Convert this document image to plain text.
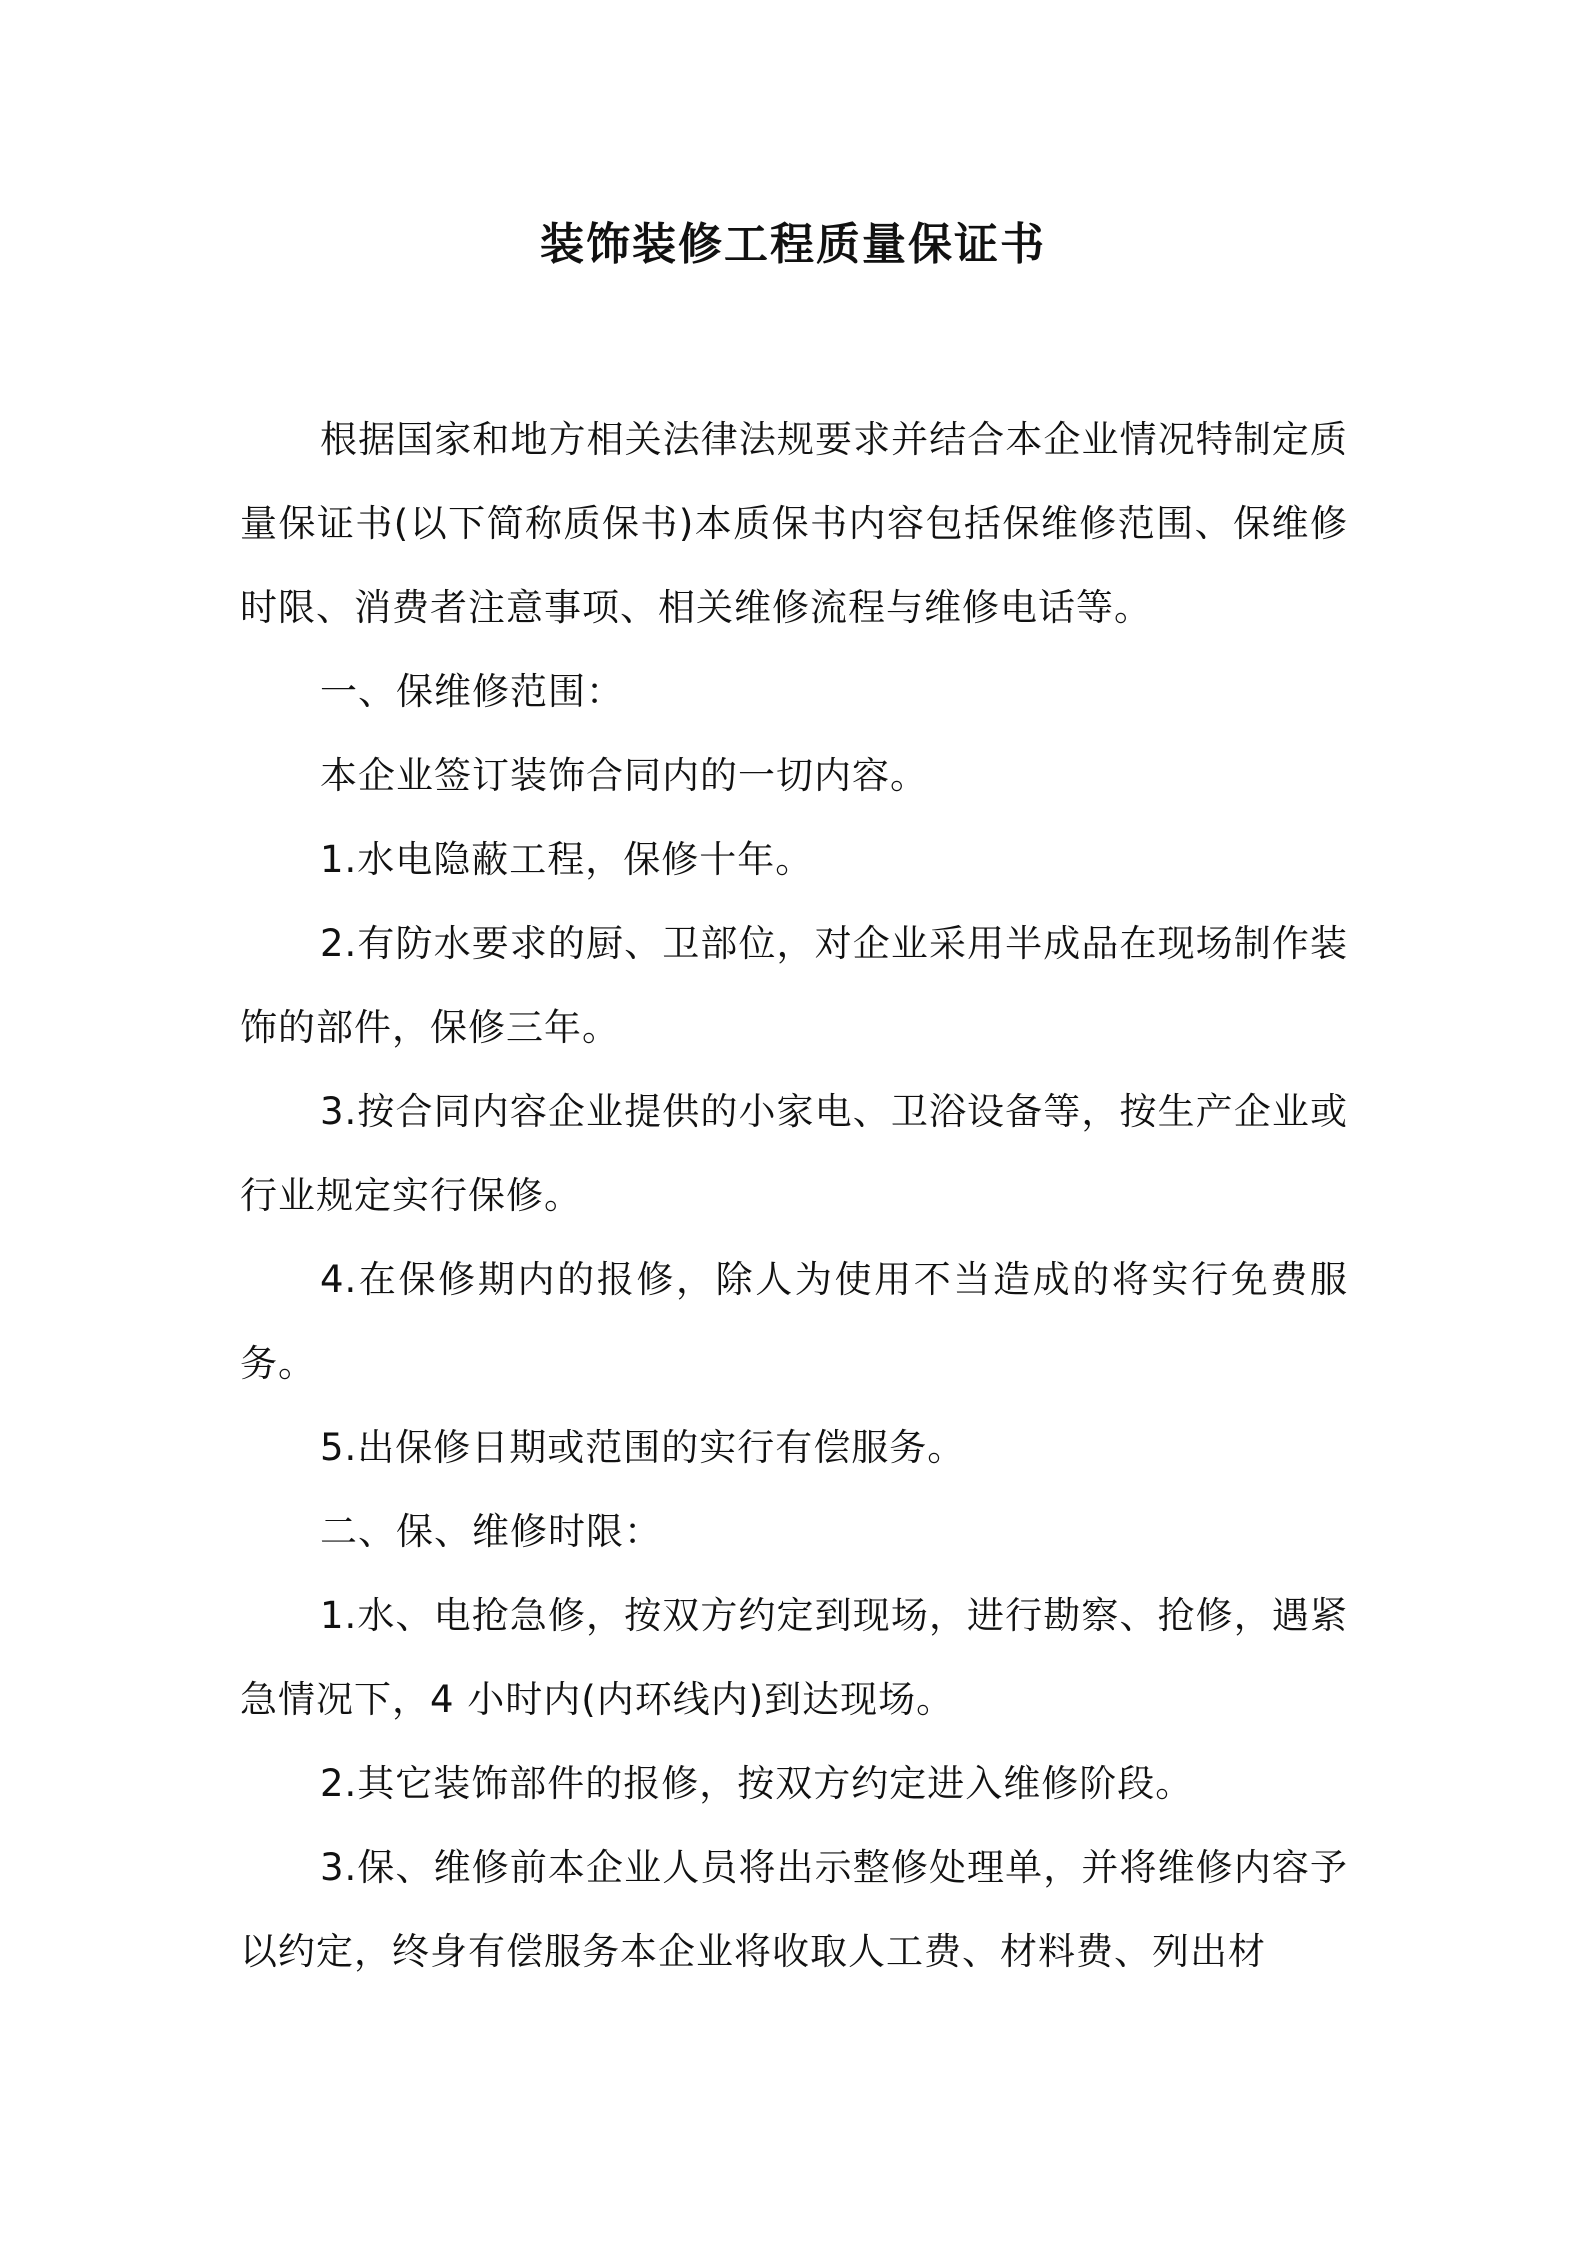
装饰装修工程质量保证书

根据国家和地方相关法律法规要求并结合本企业情况特制定质量保证书(以下简称质保书)本质保书内容包括保维修范围、保维修时限、消费者注意事项、相关维修流程与维修电话等。

一、保维修范围：

本企业签订装饰合同内的一切内容。

1.水电隐蔽工程，保修十年。

2.有防水要求的厨、卫部位，对企业采用半成品在现场制作装饰的部件，保修三年。

3.按合同内容企业提供的小家电、卫浴设备等，按生产企业或行业规定实行保修。

4.在保修期内的报修，除人为使用不当造成的将实行免费服务。

5.出保修日期或范围的实行有偿服务。

二、保、维修时限：

1.水、电抢急修，按双方约定到现场，进行勘察、抢修，遇紧急情况下，4 小时内(内环线内)到达现场。

2.其它装饰部件的报修，按双方约定进入维修阶段。

3.保、维修前本企业人员将出示整修处理单，并将维修内容予以约定，终身有偿服务本企业将收取人工费、材料费、列出材
